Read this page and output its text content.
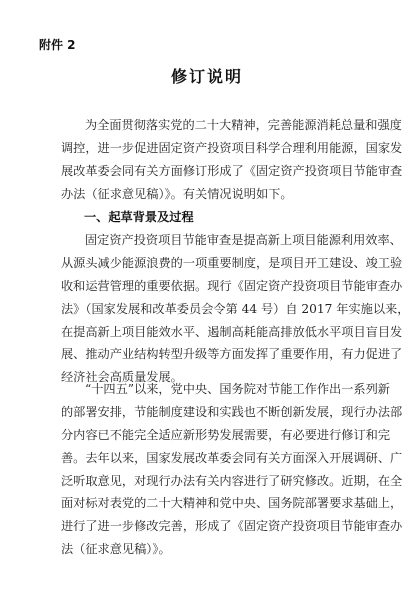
附件 2
修订说明
为全面贯彻落实党的二十大精神，完善能源消耗总量和强度
调控，进一步促进固定资产投资项目科学合理利用能源，国家发
展改革委会同有关方面修订形成了《固定资产投资项目节能审查
办法（征求意见稿）》。有关情况说明如下。
一、起草背景及过程
固定资产投资项目节能审查是提高新上项目能源利用效率、
从源头减少能源浪费的一项重要制度，是项目开工建设、竣工验
收和运营管理的重要依据。现行《固定资产投资项目节能审查办
法》（国家发展和改革委员会令第 44 号）自 2017 年实施以来，
在提高新上项目能效水平、遏制高耗能高排放低水平项目盲目发
展、推动产业结构转型升级等方面发挥了重要作用，有力促进了
经济社会高质量发展。
“十四五”以来，党中央、国务院对节能工作作出一系列新
的部署安排，节能制度建设和实践也不断创新发展，现行办法部
分内容已不能完全适应新形势发展需要，有必要进行修订和完
善。去年以来，国家发展改革委会同有关方面深入开展调研、广
泛听取意见，对现行办法有关内容进行了研究修改。近期，在全
面对标对表党的二十大精神和党中央、国务院部署要求基础上，
进行了进一步修改完善，形成了《固定资产投资项目节能审查办
法（征求意见稿）》。
